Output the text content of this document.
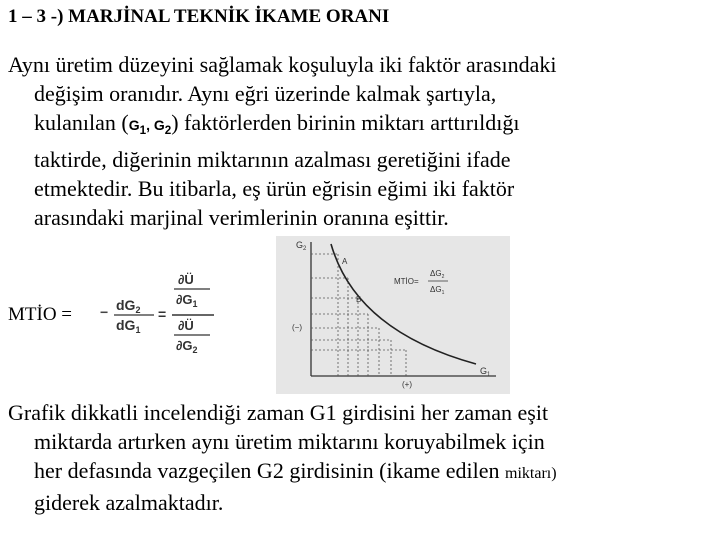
1 – 3 -) MARJİNAL TEKNİK İKAME ORANI
Aynı üretim düzeyini sağlamak koşuluyla iki faktör arasındaki
değişim oranıdır. Aynı eğri üzerinde kalmak şartıyla,
kulanılan ($G_1$, $G_2$) faktörlerden birinin miktarı arttırıldığı
taktirde, diğerinin miktarının azalması geretiğini ifade
etmektedir. Bu itibarla, eş ürün eğrisin eğimi iki faktör
arasındaki marjinal verimlerinin oranına eşittir.
MTİO = − $dG_2$
$dG_1$
=
∂Ü
$\partial G_1$
∂Ü
$\partial G_2$
$G_2$
$G_1$
A
B
MTİO=
$\Delta G_2$
$\Delta G_1$
(−)
(+)
Grafik dikkatli incelendiği zaman G1 girdisini her zaman eşit
miktarda artırken aynı üretim miktarını koruyabilmek için
her defasında vazgeçilen G2 girdisinin (ikame edilen miktarı)
giderek azalmaktadır.
